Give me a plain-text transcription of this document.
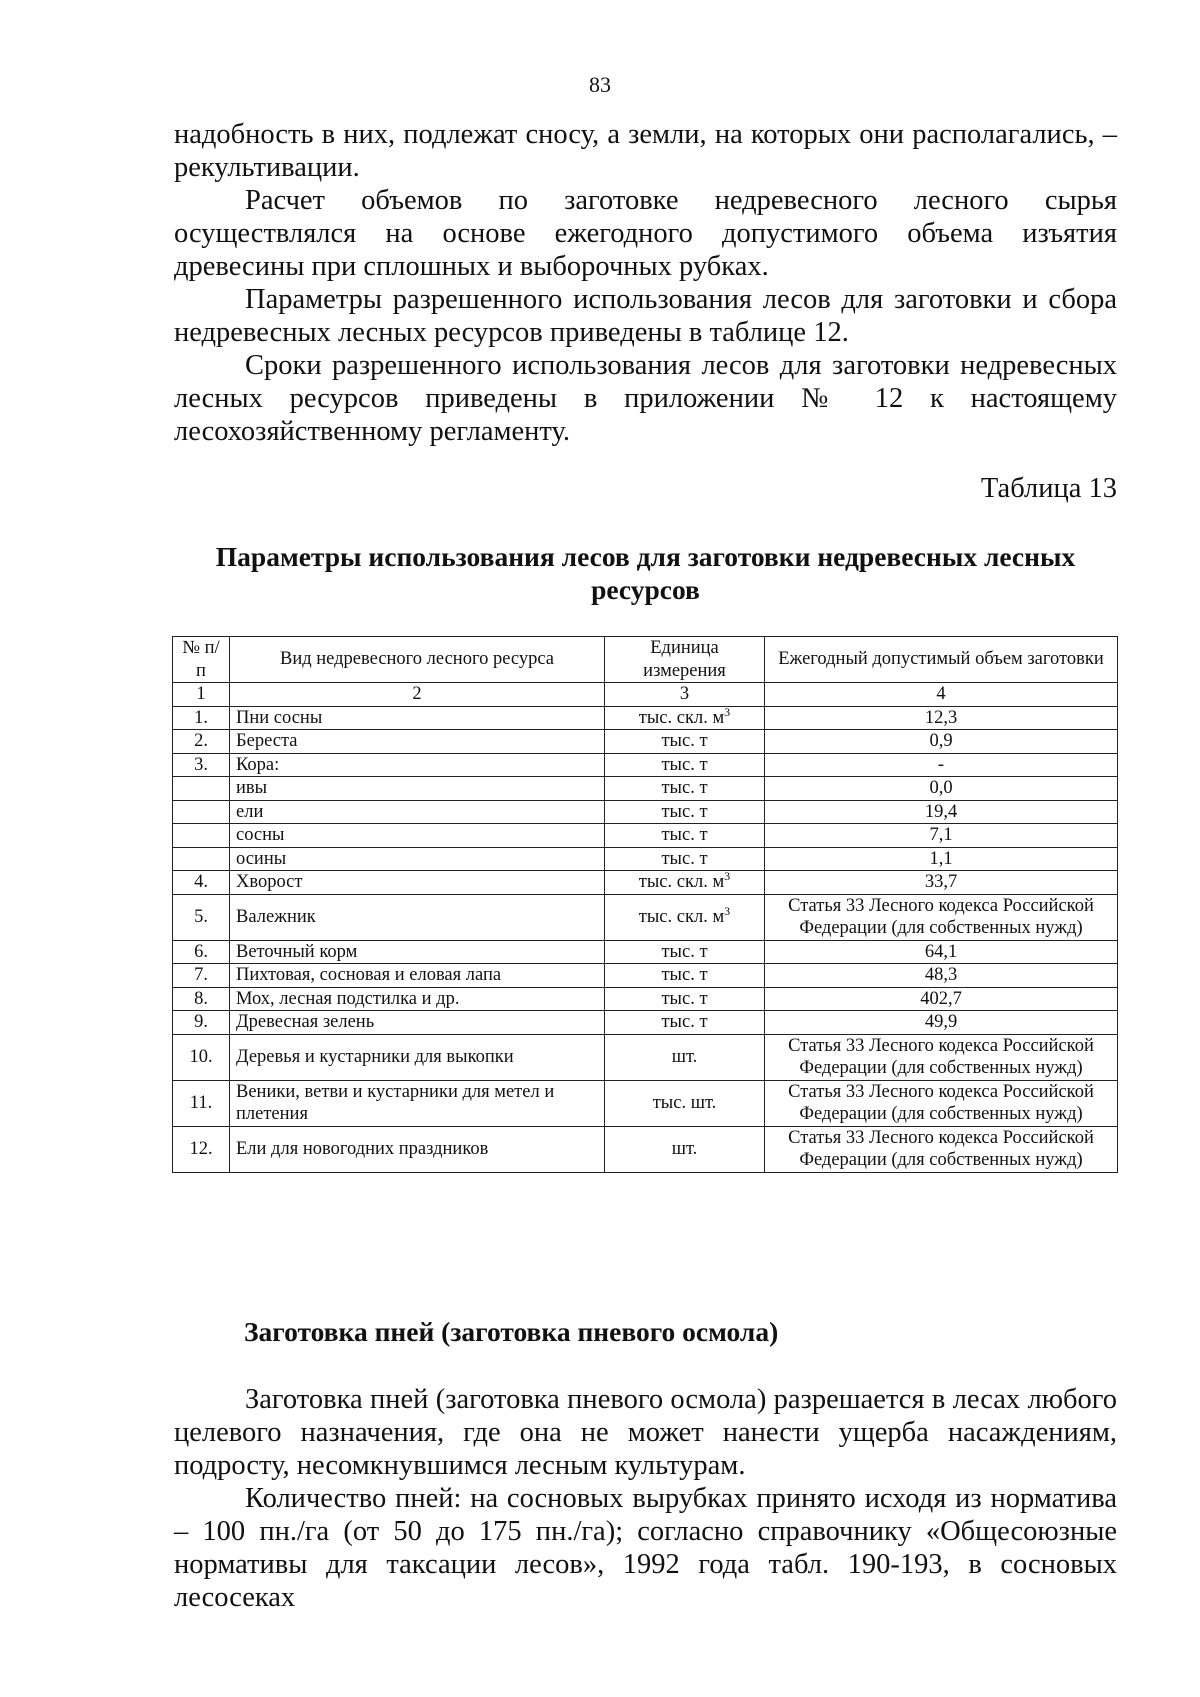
83

надобность в них, подлежат сносу, а земли, на которых они располагались, – рекультивации.

Расчет объемов по заготовке недревесного лесного сырья осуществлялся на основе ежегодного допустимого объема изъятия древесины при сплошных и выборочных рубках.

Параметры разрешенного использования лесов для заготовки и сбора недревесных лесных ресурсов приведены в таблице 12.

Сроки разрешенного использования лесов для заготовки недревесных лесных ресурсов приведены в приложении № 12 к настоящему лесохозяйственному регламенту.

Таблица 13
Параметры использования лесов для заготовки недревесных лесных ресурсов
№ п/п	Вид недревесного лесного ресурса	Единица измерения	Ежегодный допустимый объем заготовки
1	2	3	4
1.	Пни сосны	тыс. скл. $м^3$	12,3
2.	Береста	тыс. т	0,9
3.	Кора:	тыс. т	-
	ивы	тыс. т	0,0
	ели	тыс. т	19,4
	сосны	тыс. т	7,1
	осины	тыс. т	1,1
4.	Хворост	тыс. скл. $м^3$	33,7
5.	Валежник	тыс. скл. $м^3$	Статья 33 Лесного кодекса Российской Федерации (для собственных нужд)
6.	Веточный корм	тыс. т	64,1
7.	Пихтовая, сосновая и еловая лапа	тыс. т	48,3
8.	Мох, лесная подстилка и др.	тыс. т	402,7
9.	Древесная зелень	тыс. т	49,9
10.	Деревья и кустарники для выкопки	шт.	Статья 33 Лесного кодекса Российской Федерации (для собственных нужд)
11.	Веники, ветви и кустарники для метел и плетения	тыс. шт.	Статья 33 Лесного кодекса Российской Федерации (для собственных нужд)
12.	Ели для новогодних праздников	шт.	Статья 33 Лесного кодекса Российской Федерации (для собственных нужд)
Заготовка пней (заготовка пневого осмола)

Заготовка пней (заготовка пневого осмола) разрешается в лесах любого целевого назначения, где она не может нанести ущерба насаждениям, подросту, несомкнувшимся лесным культурам.

Количество пней: на сосновых вырубках принято исходя из норматива – 100 пн./га (от 50 до 175 пн./га); согласно справочнику «Общесоюзные нормативы для таксации лесов», 1992 года табл. 190-193, в сосновых лесосеках
